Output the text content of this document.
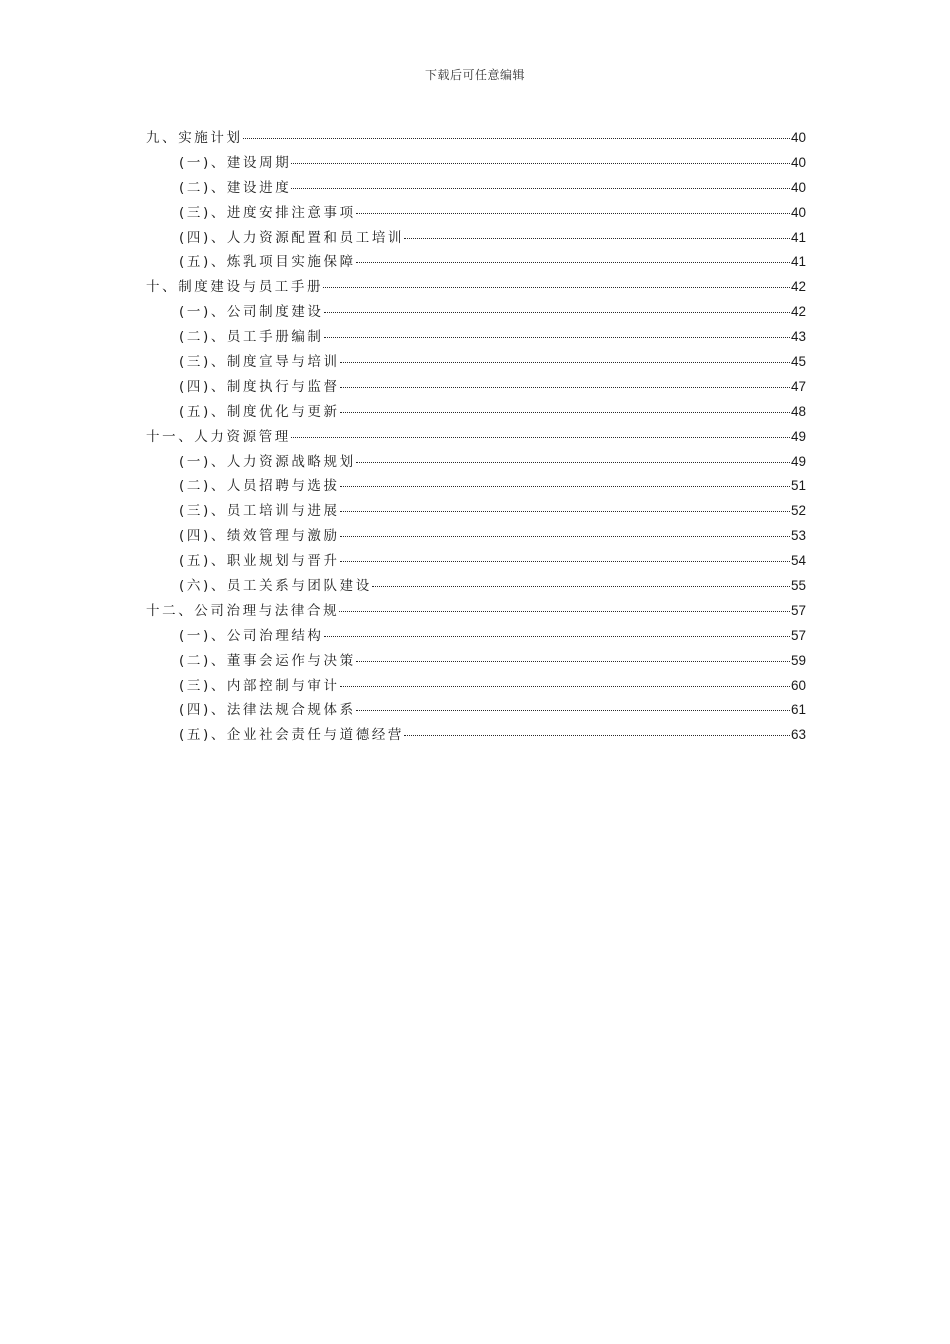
下载后可任意编辑
九、实施计划	40
(一)、建设周期	40
(二)、建设进度	40
(三)、进度安排注意事项	40
(四)、人力资源配置和员工培训	41
(五)、炼乳项目实施保障	41
十、制度建设与员工手册	42
(一)、公司制度建设	42
(二)、员工手册编制	43
(三)、制度宣导与培训	45
(四)、制度执行与监督	47
(五)、制度优化与更新	48
十一、人力资源管理	49
(一)、人力资源战略规划	49
(二)、人员招聘与选拔	51
(三)、员工培训与进展	52
(四)、绩效管理与激励	53
(五)、职业规划与晋升	54
(六)、员工关系与团队建设	55
十二、公司治理与法律合规	57
(一)、公司治理结构	57
(二)、董事会运作与决策	59
(三)、内部控制与审计	60
(四)、法律法规合规体系	61
(五)、企业社会责任与道德经营	63
